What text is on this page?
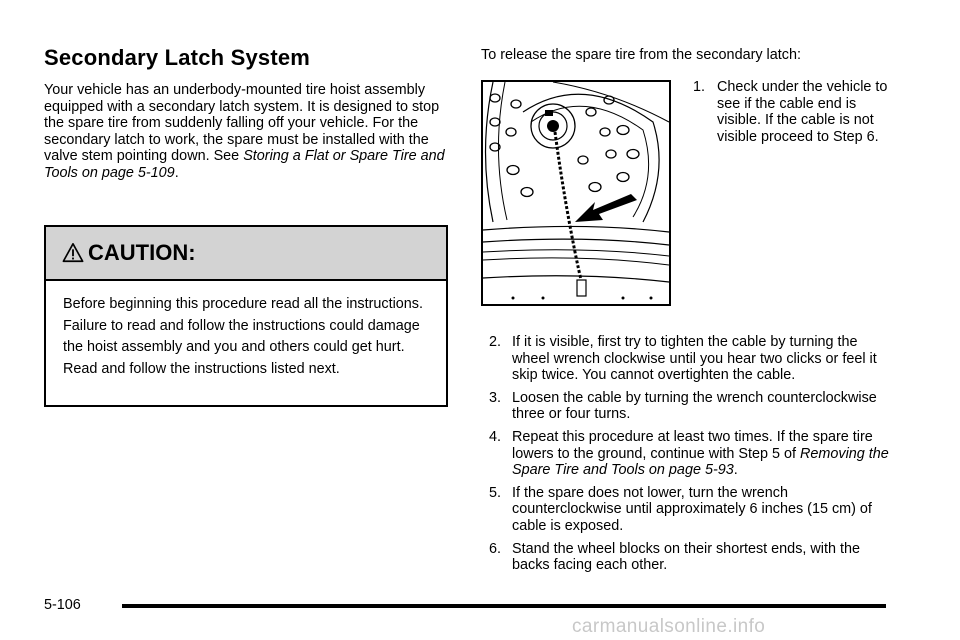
Secondary Latch System

Your vehicle has an underbody-mounted tire hoist assembly equipped with a secondary latch system. It is designed to stop the spare tire from suddenly falling off your vehicle. For the secondary latch to work, the spare must be installed with the valve stem pointing down. See Storing a Flat or Spare Tire and Tools on page 5-109.

CAUTION:
Before beginning this procedure read all the instructions. Failure to read and follow the instructions could damage the hoist assembly and you and others could get hurt. Read and follow the instructions listed next.
To release the spare tire from the secondary latch:
1. Check under the vehicle to see if the cable end is visible. If the cable is not visible proceed to Step 6.
2. If it is visible, first try to tighten the cable by turning the wheel wrench clockwise until you hear two clicks or feel it skip twice. You cannot overtighten the cable.
3. Loosen the cable by turning the wrench counterclockwise three or four turns.
4. Repeat this procedure at least two times. If the spare tire lowers to the ground, continue with Step 5 of Removing the Spare Tire and Tools on page 5-93.
5. If the spare does not lower, turn the wrench counterclockwise until approximately 6 inches (15 cm) of cable is exposed.
6. Stand the wheel blocks on their shortest ends, with the backs facing each other.
5-106
carmanualsonline.info
